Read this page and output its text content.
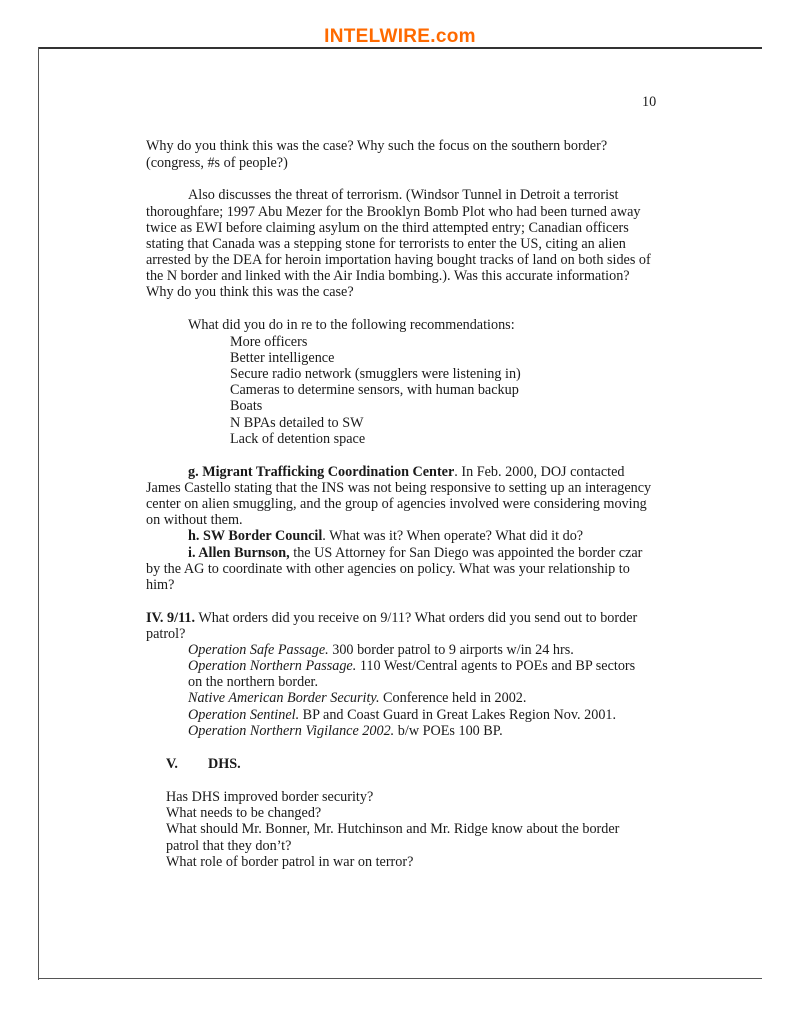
INTELWIRE.com
10
Why do you think this was the case? Why such the focus on the southern border?
(congress, #s of people?)
Also discusses the threat of terrorism. (Windsor Tunnel in Detroit a terrorist
thoroughfare; 1997 Abu Mezer for the Brooklyn Bomb Plot who had been turned away
twice as EWI before claiming asylum on the third attempted entry; Canadian officers
stating that Canada was a stepping stone for terrorists to enter the US, citing an alien
arrested by the DEA for heroin importation having bought tracks of land on both sides of
the N border and linked with the Air India bombing.). Was this accurate information?
Why do you think this was the case?
What did you do in re to the following recommendations:
More officers
Better intelligence
Secure radio network (smugglers were listening in)
Cameras to determine sensors, with human backup
Boats
N BPAs detailed to SW
Lack of detention space
g. Migrant Trafficking Coordination Center. In Feb. 2000, DOJ contacted
James Castello stating that the INS was not being responsive to setting up an interagency
center on alien smuggling, and the group of agencies involved were considering moving
on without them.
h. SW Border Council. What was it? When operate? What did it do?
i. Allen Burnson, the US Attorney for San Diego was appointed the border czar
by the AG to coordinate with other agencies on policy. What was your relationship to
him?
IV. 9/11. What orders did you receive on 9/11? What orders did you send out to border
patrol?
Operation Safe Passage. 300 border patrol to 9 airports w/in 24 hrs.
Operation Northern Passage. 110 West/Central agents to POEs and BP sectors
on the northern border.
Native American Border Security. Conference held in 2002.
Operation Sentinel. BP and Coast Guard in Great Lakes Region Nov. 2001.
Operation Northern Vigilance 2002. b/w POEs 100 BP.
V. DHS.
Has DHS improved border security?
What needs to be changed?
What should Mr. Bonner, Mr. Hutchinson and Mr. Ridge know about the border
patrol that they don’t?
What role of border patrol in war on terror?
